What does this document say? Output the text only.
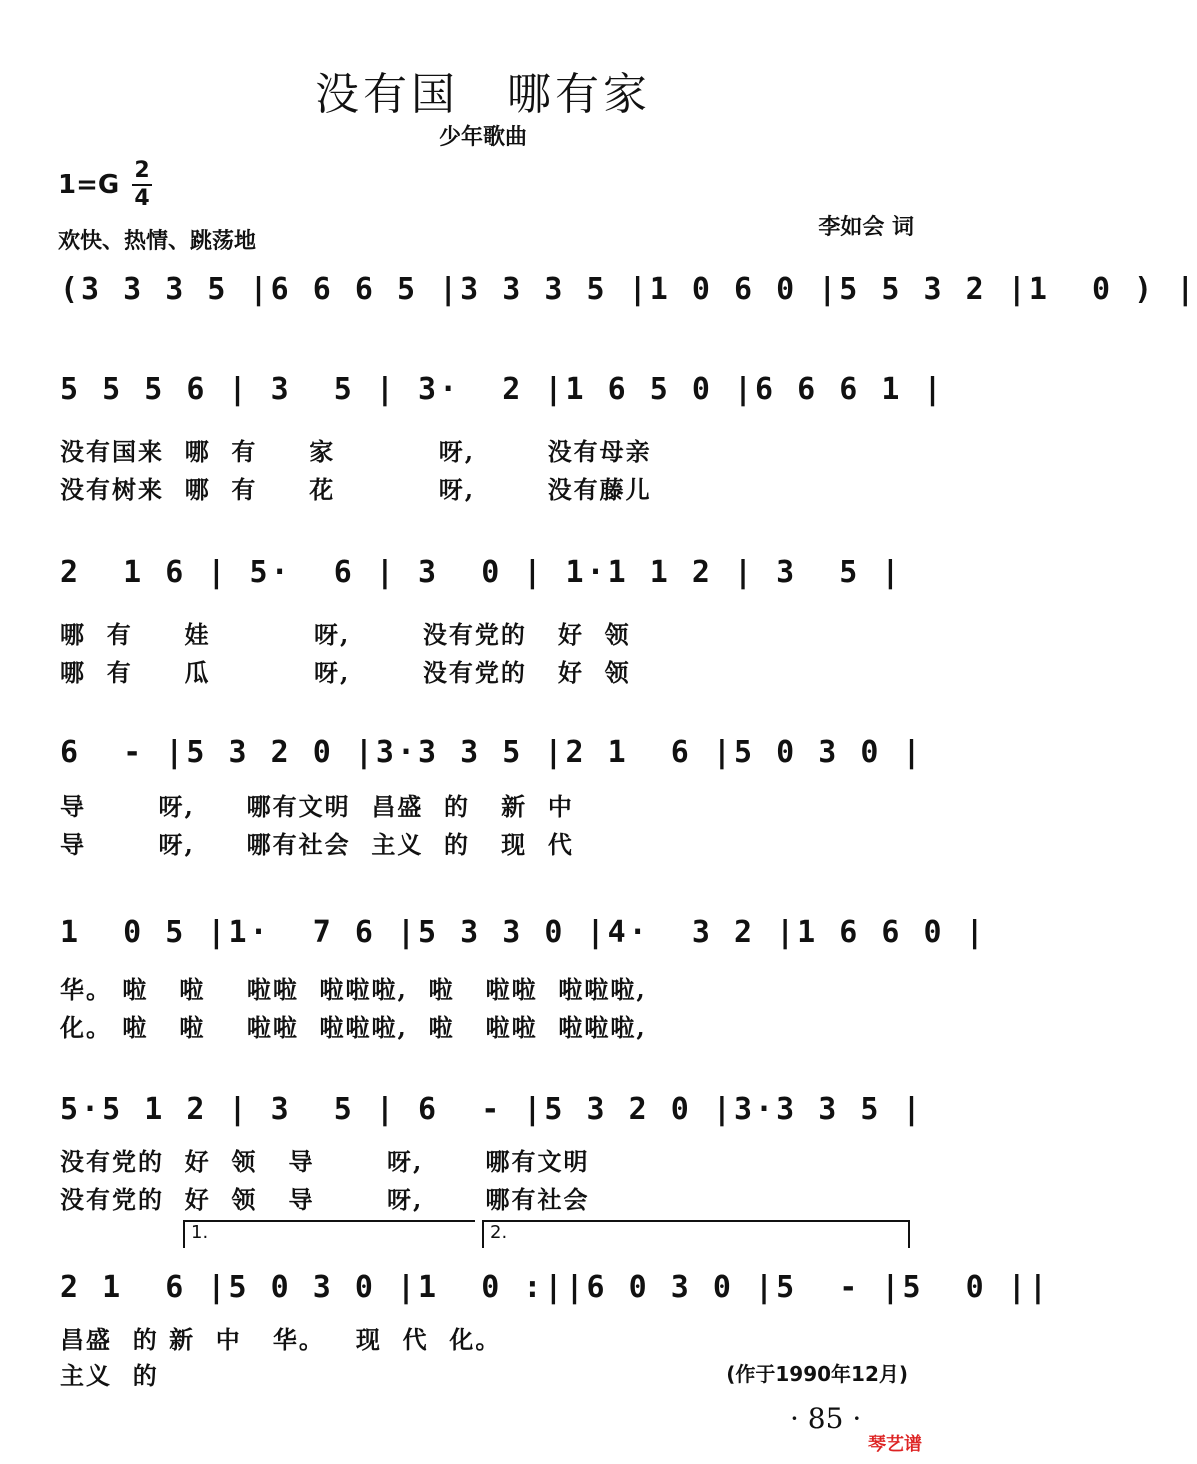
没有国　哪有家
少年歌曲
1=G 2
4
欢快、热情、跳荡地
李如会 词
(3 3 3 5 |6 6 6 5 |3 3 3 5 |1 0 6 0 |5 5 3 2 |1  0 ) |
5 5 5 6 | 3  5 | 3·  2 |1 6 5 0 |6 6 6 1 |
没有国来  哪  有     家          呀,       没有母亲
没有树来  哪  有     花          呀,       没有藤儿
2  1 6 | 5·  6 | 3  0 | 1·1 1 2 | 3  5 |
哪  有     娃          呀,       没有党的   好  领
哪  有     瓜          呀,       没有党的   好  领
6  - |5 3 2 0 |3·3 3 5 |2 1  6 |5 0 3 0 |
导       呀,     哪有文明  昌盛  的   新  中
导       呀,     哪有社会  主义  的   现  代
1  0 5 |1·  7 6 |5 3 3 0 |4·  3 2 |1 6 6 0 |
华。 啦   啦    啦啦  啦啦啦,  啦   啦啦  啦啦啦,
化。 啦   啦    啦啦  啦啦啦,  啦   啦啦  啦啦啦,
5·5 1 2 | 3  5 | 6  - |5 3 2 0 |3·3 3 5 |
没有党的  好  领   导       呀,      哪有文明
没有党的  好  领   导       呀,      哪有社会
1.	2.
2 1  6 |5 0 3 0 |1  0 :||6 0 3 0 |5  - |5  0 ||
昌盛  的 新  中   华。   现  代  化。
主义  的	(作于1990年12月)
· 85 ·
琴艺谱
